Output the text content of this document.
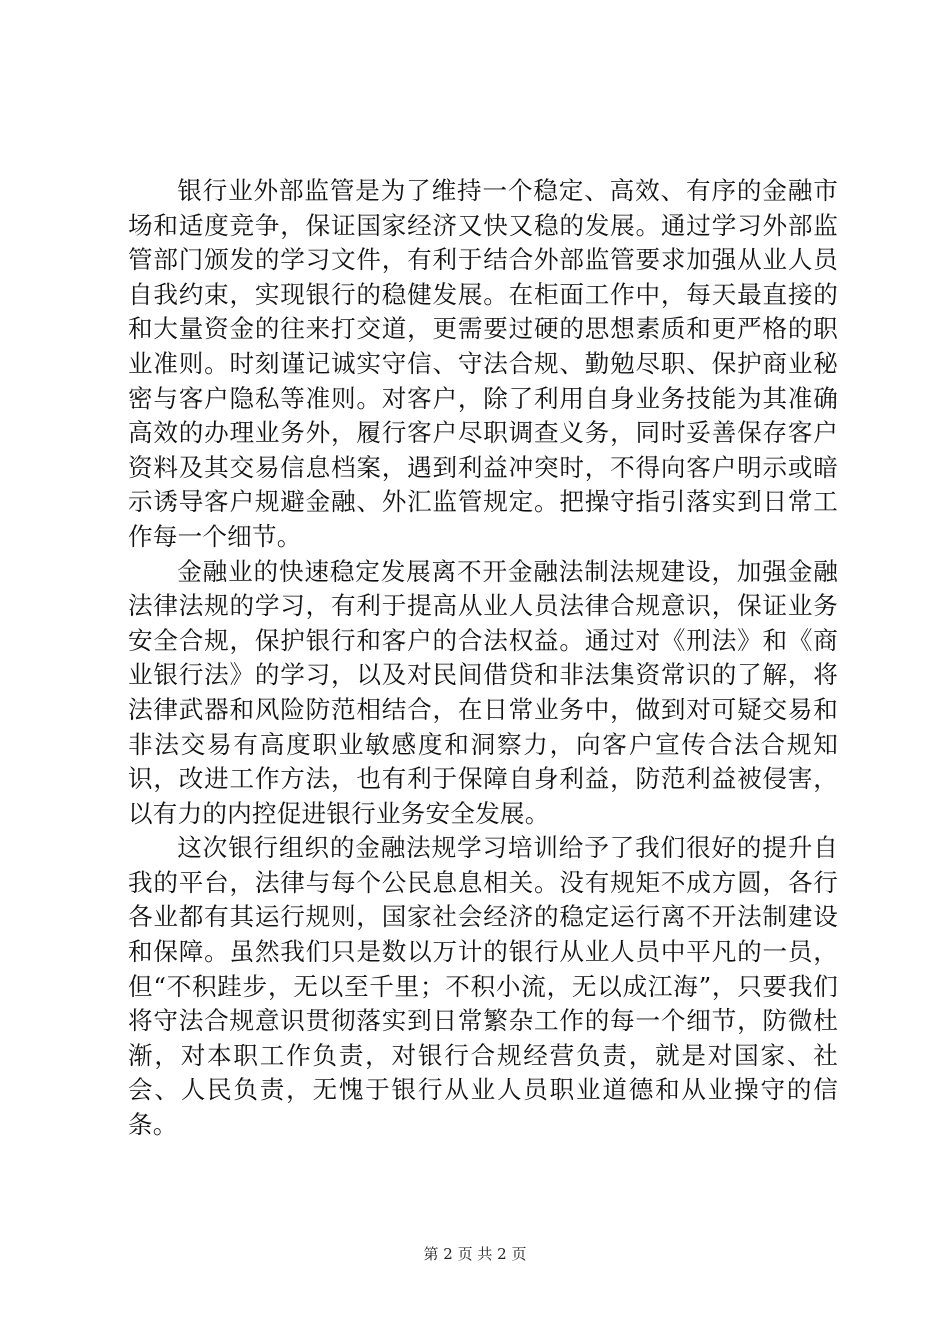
银行业外部监管是为了维持一个稳定、高效、有序的金融市场和适度竞争，保证国家经济又快又稳的发展。通过学习外部监管部门颁发的学习文件，有利于结合外部监管要求加强从业人员自我约束，实现银行的稳健发展。在柜面工作中，每天最直接的和大量资金的往来打交道，更需要过硬的思想素质和更严格的职业准则。时刻谨记诚实守信、守法合规、勤勉尽职、保护商业秘密与客户隐私等准则。对客户，除了利用自身业务技能为其准确高效的办理业务外，履行客户尽职调查义务，同时妥善保存客户资料及其交易信息档案，遇到利益冲突时，不得向客户明示或暗示诱导客户规避金融、外汇监管规定。把操守指引落实到日常工作每一个细节。

金融业的快速稳定发展离不开金融法制法规建设，加强金融法律法规的学习，有利于提高从业人员法律合规意识，保证业务安全合规，保护银行和客户的合法权益。通过对《刑法》和《商业银行法》的学习，以及对民间借贷和非法集资常识的了解，将法律武器和风险防范相结合，在日常业务中，做到对可疑交易和非法交易有高度职业敏感度和洞察力，向客户宣传合法合规知识，改进工作方法，也有利于保障自身利益，防范利益被侵害，以有力的内控促进银行业务安全发展。

这次银行组织的金融法规学习培训给予了我们很好的提升自我的平台，法律与每个公民息息相关。没有规矩不成方圆，各行各业都有其运行规则，国家社会经济的稳定运行离不开法制建设和保障。虽然我们只是数以万计的银行从业人员中平凡的一员，但“不积跬步，无以至千里；不积小流，无以成江海”，只要我们将守法合规意识贯彻落实到日常繁杂工作的每一个细节，防微杜渐，对本职工作负责，对银行合规经营负责，就是对国家、社会、人民负责，无愧于银行从业人员职业道德和从业操守的信条。

第 2 页 共 2 页
